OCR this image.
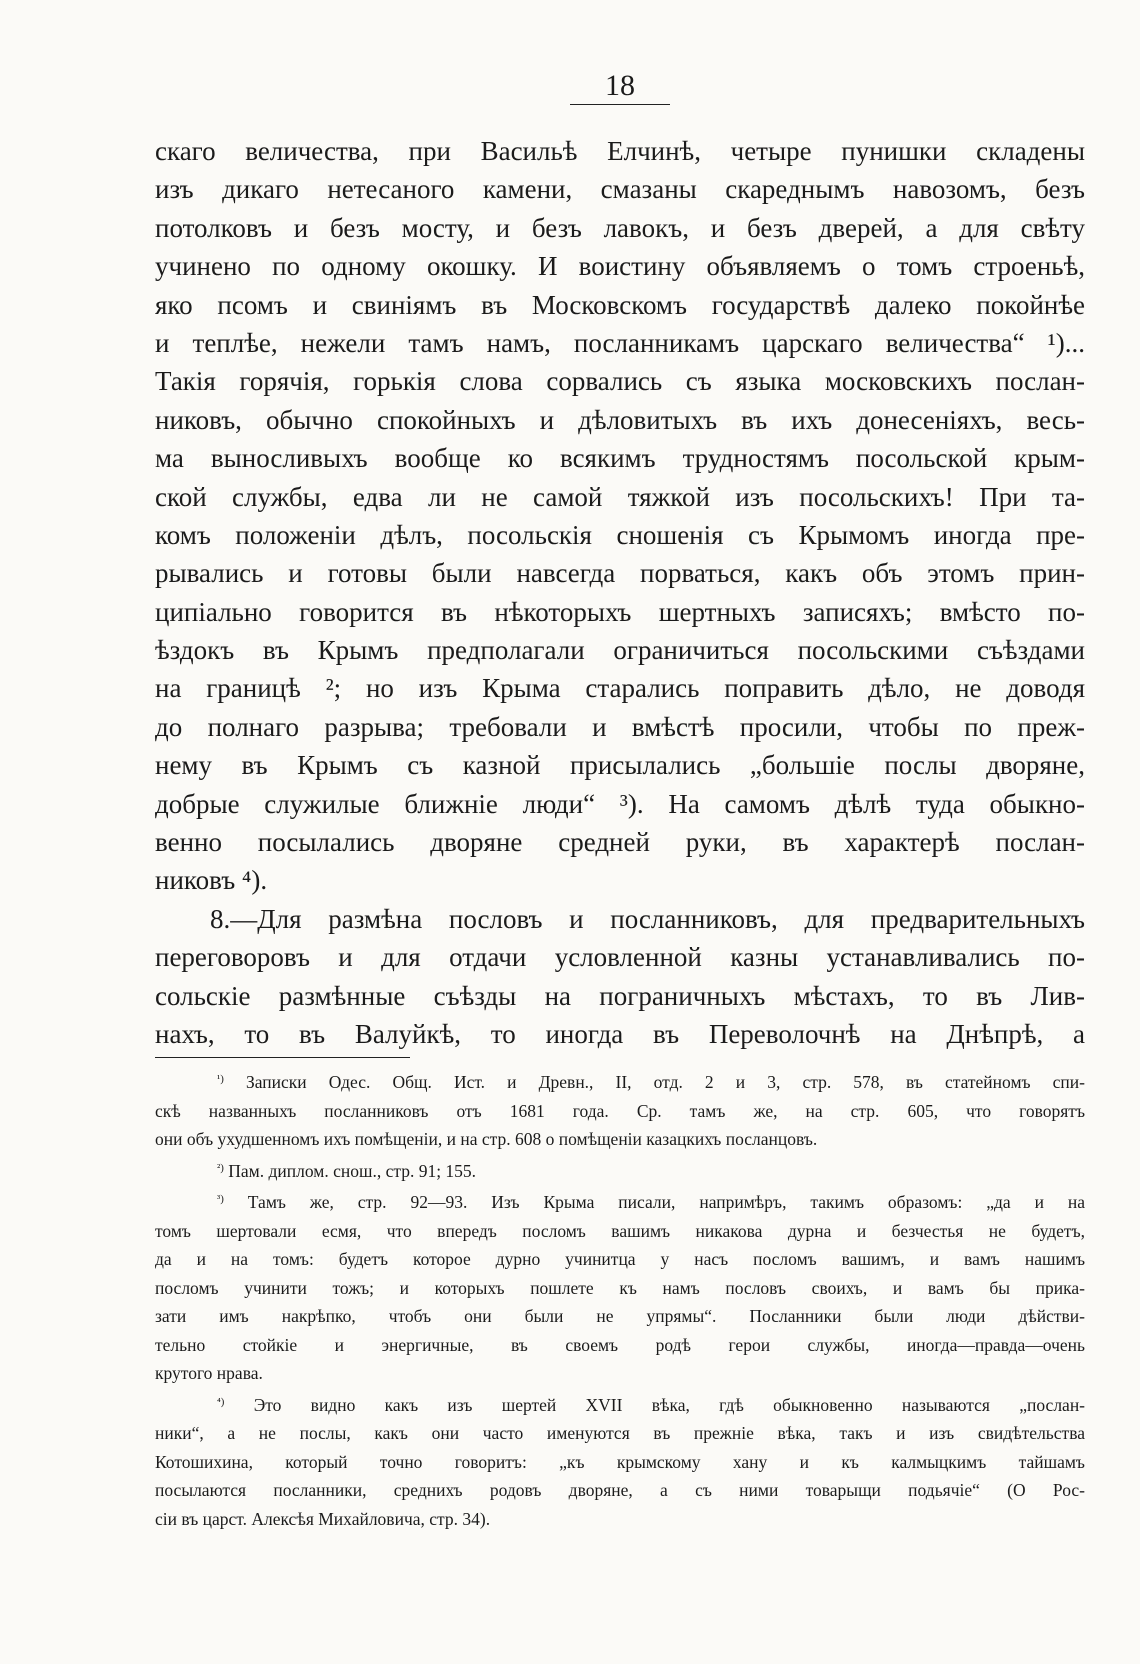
18
скаго величества, при Васильѣ Елчинѣ, четыре пунишки складены
изъ дикаго нетесаного камени, смазаны скареднымъ навозомъ, безъ
потолковъ и безъ мосту, и безъ лавокъ, и безъ дверей, а для свѣту
учинено по одному окошку. И воистину объявляемъ о томъ строеньѣ,
яко псомъ и свиніямъ въ Московскомъ государствѣ далеко покойнѣе
и теплѣе, нежели тамъ намъ, посланникамъ царскаго величества“ ¹)...
Такія горячія, горькія слова сорвались съ языка московскихъ послан-
никовъ, обычно спокойныхъ и дѣловитыхъ въ ихъ донесеніяхъ, весь-
ма выносливыхъ вообще ко всякимъ трудностямъ посольской крым-
ской службы, едва ли не самой тяжкой изъ посольскихъ! При та-
комъ положеніи дѣлъ, посольскія сношенія съ Крымомъ иногда пре-
рывались и готовы были навсегда порваться, какъ объ этомъ прин-
ципіально говорится въ нѣкоторыхъ шертныхъ записяхъ; вмѣсто по-
ѣздокъ въ Крымъ предполагали ограничиться посольскими съѣздами
на границѣ ²; но изъ Крыма старались поправить дѣло, не доводя
до полнаго разрыва; требовали и вмѣстѣ просили, чтобы по преж-
нему въ Крымъ съ казной присылались „большіе послы дворяне,
добрые служилые ближніе люди“ ³). На самомъ дѣлѣ туда обыкно-
венно посылались дворяне средней руки, въ характерѣ послан-
никовъ ⁴).
8.—Для размѣна пословъ и посланниковъ, для предварительныхъ
переговоровъ и для отдачи условленной казны устанавливались по-
сольскіе размѣнные съѣзды на пограничныхъ мѣстахъ, то въ Лив-
нахъ, то въ Валуйкѣ, то иногда въ Переволочнѣ на Днѣпрѣ, а
$^{^1)}$ Записки Одес. Общ. Ист. и Древн., II, отд. 2 и 3, стр. 578, въ статейномъ спи-
скѣ названныхъ посланниковъ отъ 1681 года. Ср. тамъ же, на стр. 605, что говорятъ
они объ ухудшенномъ ихъ помѣщеніи, и на стр. 608 о помѣщеніи казацкихъ посланцовъ.
$^{^2)}$ Пам. диплом. снош., стр. 91; 155.
$^{^3)}$ Тамъ же, стр. 92—93. Изъ Крыма писали, напримѣръ, такимъ образомъ: „да и на
томъ шертовали есмя, что впередъ посломъ вашимъ никакова дурна и безчестья не будетъ,
да и на томъ: будетъ которое дурно учинитца у насъ посломъ вашимъ, и вамъ нашимъ
посломъ учинити тожъ; и которыхъ пошлете къ намъ пословъ своихъ, и вамъ бы прика-
зати имъ накрѣпко, чтобъ они были не упрямы“. Посланники были люди дѣйстви-
тельно стойкіе и энергичные, въ своемъ родѣ герои службы, иногда—правда—очень
крутого нрава.
$^{^4)}$ Это видно какъ изъ шертей XVII вѣка, гдѣ обыкновенно называются „послан-
ники“, а не послы, какъ они часто именуются въ прежніе вѣка, такъ и изъ свидѣтельства
Котошихина, который точно говоритъ: „къ крымскому хану и къ калмыцкимъ тайшамъ
посылаются посланники, среднихъ родовъ дворяне, а съ ними товарыщи подьячіе“ (О Рос-
сіи въ царст. Алексѣя Михайловича, стр. 34).
